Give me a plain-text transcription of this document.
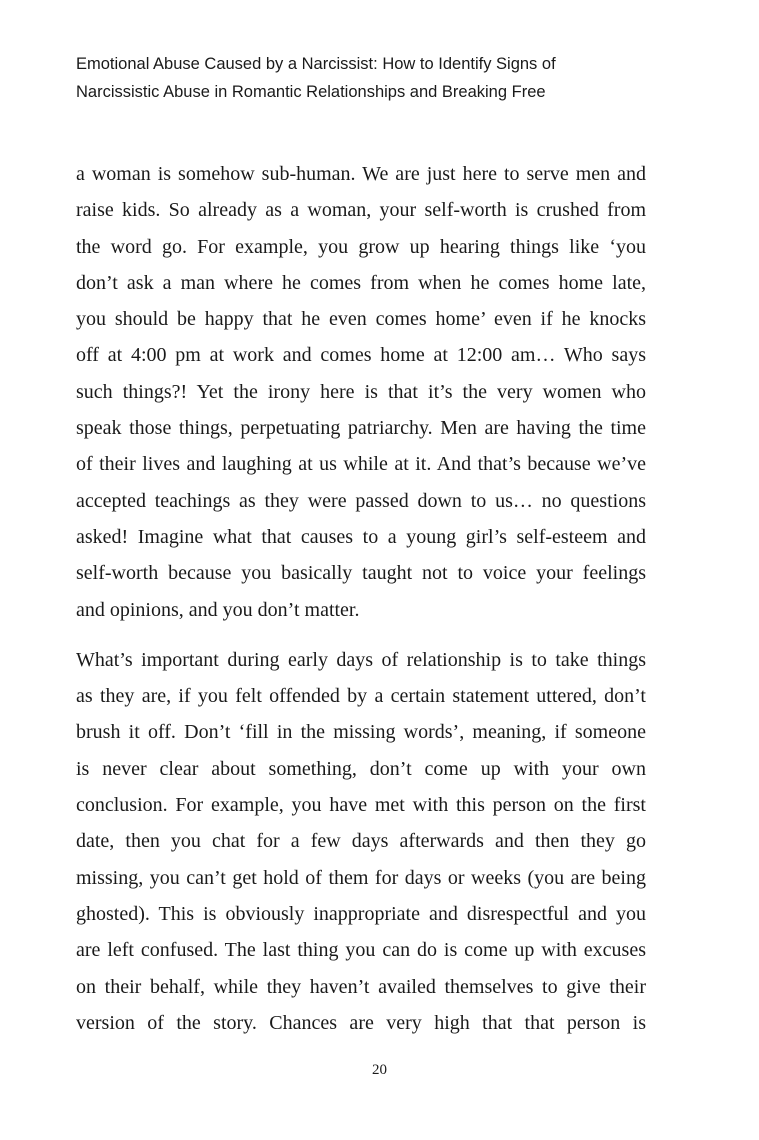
Emotional Abuse Caused by a Narcissist: How to Identify Signs of
Narcissistic Abuse in Romantic Relationships and Breaking Free

a woman is somehow sub-human. We are just here to serve men and
raise kids. So already as a woman, your self-worth is crushed from
the word go. For example, you grow up hearing things like ‘you
don’t ask a man where he comes from when he comes home late,
you should be happy that he even comes home’ even if he knocks
off at 4:00 pm at work and comes home at 12:00 am… Who says
such things?! Yet the irony here is that it’s the very women who
speak those things, perpetuating patriarchy. Men are having the time
of their lives and laughing at us while at it. And that’s because we’ve
accepted teachings as they were passed down to us… no questions
asked! Imagine what that causes to a young girl’s self-esteem and
self-worth because you basically taught not to voice your feelings
and opinions, and you don’t matter.

What’s important during early days of relationship is to take things
as they are, if you felt offended by a certain statement uttered, don’t
brush it off. Don’t ‘fill in the missing words’, meaning, if someone
is never clear about something, don’t come up with your own
conclusion. For example, you have met with this person on the first
date, then you chat for a few days afterwards and then they go
missing, you can’t get hold of them for days or weeks (you are being
ghosted). This is obviously inappropriate and disrespectful and you
are left confused. The last thing you can do is come up with excuses
on their behalf, while they haven’t availed themselves to give their
version of the story. Chances are very high that that person is

20
